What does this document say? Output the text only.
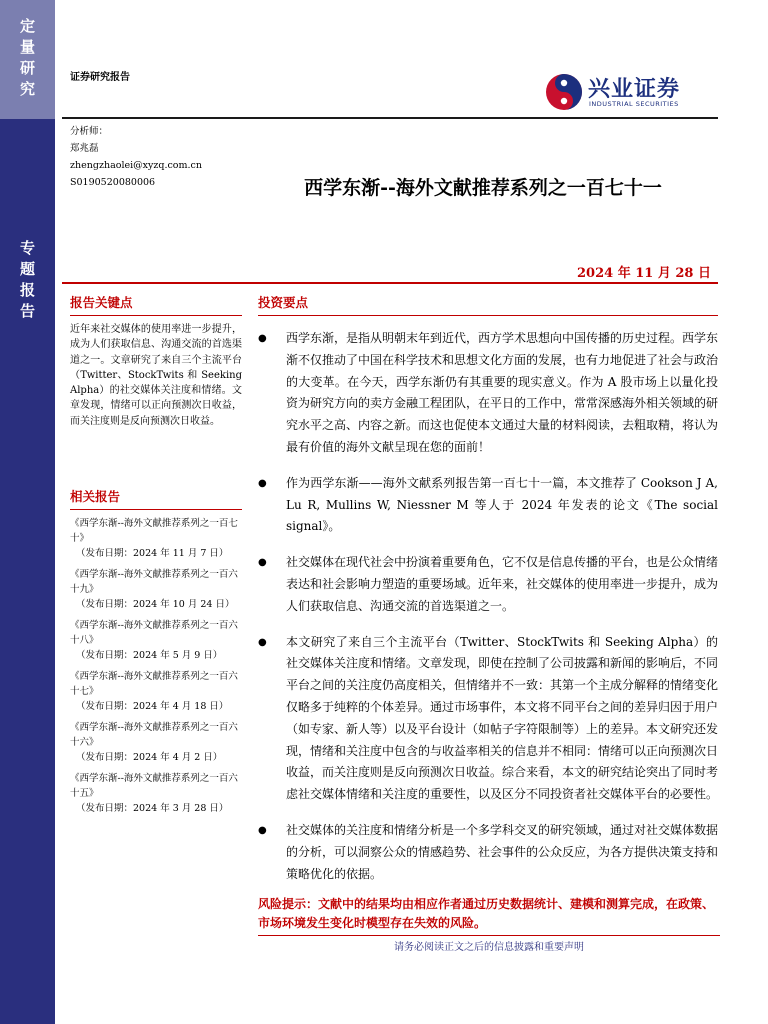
定
量
研
究
专
题
报
告
证券研究报告	兴业证券
INDUSTRIAL SECURITIES
分析师：
郑兆磊
zhengzhaolei@xyzq.com.cn
S0190520080006	西学东渐--海外文献推荐系列之一百七十一
2024 年 11 月 28 日
报告关键点
近年来社交媒体的使用率进一步提升，成为人们获取信息、沟通交流的首选渠道之一。文章研究了来自三个主流平台（Twitter、StockTwits 和 Seeking Alpha）的社交媒体关注度和情绪。文章发现，情绪可以正向预测次日收益，而关注度则是反向预测次日收益。
相关报告
《西学东渐--海外文献推荐系列之一百七十》
（发布日期：2024 年 11 月 7 日）
《西学东渐--海外文献推荐系列之一百六十九》
（发布日期：2024 年 10 月 24 日）
《西学东渐--海外文献推荐系列之一百六十八》
（发布日期：2024 年 5 月 9 日）
《西学东渐--海外文献推荐系列之一百六十七》
（发布日期：2024 年 4 月 18 日）
《西学东渐--海外文献推荐系列之一百六十六》
（发布日期：2024 年 4 月 2 日）
《西学东渐--海外文献推荐系列之一百六十五》
（发布日期：2024 年 3 月 28 日）
投资要点
● 西学东渐，是指从明朝末年到近代，西方学术思想向中国传播的历史过程。西学东渐不仅推动了中国在科学技术和思想文化方面的发展，也有力地促进了社会与政治的大变革。在今天，西学东渐仍有其重要的现实意义。作为 A 股市场上以量化投资为研究方向的卖方金融工程团队，在平日的工作中，常常深感海外相关领域的研究水平之高、内容之新。而这也促使本文通过大量的材料阅读，去粗取精，将认为最有价值的海外文献呈现在您的面前！
● 作为西学东渐——海外文献系列报告第一百七十一篇，本文推荐了 Cookson J A, Lu R, Mullins W, Niessner M 等人于 2024 年发表的论文《The social signal》。
● 社交媒体在现代社会中扮演着重要角色，它不仅是信息传播的平台，也是公众情绪表达和社会影响力塑造的重要场域。近年来，社交媒体的使用率进一步提升，成为人们获取信息、沟通交流的首选渠道之一。
● 本文研究了来自三个主流平台（Twitter、StockTwits 和 Seeking Alpha）的社交媒体关注度和情绪。文章发现，即使在控制了公司披露和新闻的影响后，不同平台之间的关注度仍高度相关，但情绪并不一致：其第一个主成分解释的情绪变化仅略多于纯粹的个体差异。通过市场事件，本文将不同平台之间的差异归因于用户（如专家、新人等）以及平台设计（如帖子字符限制等）上的差异。本文研究还发现，情绪和关注度中包含的与收益率相关的信息并不相同：情绪可以正向预测次日收益，而关注度则是反向预测次日收益。综合来看，本文的研究结论突出了同时考虑社交媒体情绪和关注度的重要性，以及区分不同投资者社交媒体平台的必要性。
● 社交媒体的关注度和情绪分析是一个多学科交叉的研究领域，通过对社交媒体数据的分析，可以洞察公众的情感趋势、社会事件的公众反应，为各方提供决策支持和策略优化的依据。
风险提示：文献中的结果均由相应作者通过历史数据统计、建模和测算完成，在政策、市场环境发生变化时模型存在失效的风险。
请务必阅读正文之后的信息披露和重要声明
